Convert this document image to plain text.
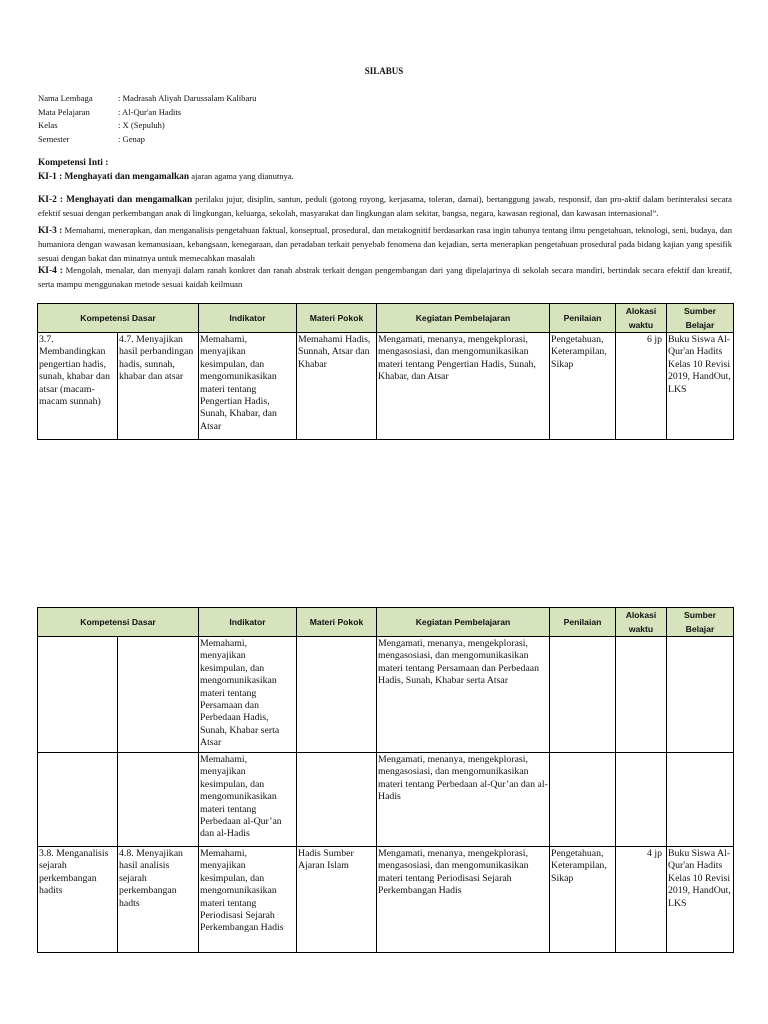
SILABUS
Nama Lembaga	: Madrasah Aliyah Darussalam Kalibaru
Mata Pelajaran	: Al-Qur'an Hadits
Kelas	: X (Sepuluh)
Semester	: Genap
Kompetensi Inti :
KI-1 : Menghayati dan mengamalkan ajaran agama yang dianutnya.
KI-2 : Menghayati dan mengamalkan perilaku jujur, disiplin, santun, peduli (gotong royong, kerjasama, toleran, damai), bertanggung jawab, responsif, dan pro-aktif dalam berinteraksi secara efektif sesuai dengan perkembangan anak di lingkungan, keluarga, sekolah, masyarakat dan lingkungan alam sekitar, bangsa, negara, kawasan regional, dan kawasan internasional”.
KI-3 : Memahami, menerapkan, dan menganalisis pengetahuan faktual, konseptual, prosedural, dan metakognitif berdasarkan rasa ingin tahunya tentang ilmu pengetahuan, teknologi, seni, budaya, dan humaniora dengan wawasan kemanusiaan, kebangsaan, kenegaraan, dan peradaban terkait penyebab fenomena dan kejadian, serta menerapkan pengetahuan prosedural pada bidang kajian yang spesifik sesuai dengan bakat dan minatnya untuk memecahkan masalah
KI-4 : Mengolah, menalar, dan menyaji dalam ranah konkret dan ranah abstrak terkait dengan pengembangan dari yang dipelajarinya di sekolah secara mandiri, bertindak secara efektif dan kreatif, serta mampu menggunakan metode sesuai kaidah keilmuan
Kompetensi Dasar		Indikator	Materi Pokok	Kegiatan Pembelajaran	Penilaian	Alokasi waktu	Sumber Belajar
3.7. Membandingkan pengertian hadis, sunah, khabar dan atsar (macam-macam sunnah)	4.7. Menyajikan hasil perbandingan hadis, sunnah, khabar dan atsar	Memahami, menyajikan kesimpulan, dan mengomunikasikan materi tentang Pengertian Hadis, Sunah, Khabar, dan Atsar	Memahami Hadis, Sunnah, Atsar dan Khabar	Mengamati, menanya, mengekplorasi, mengasosiasi, dan mengomunikasikan materi tentang Pengertian Hadis, Sunah, Khabar, dan Atsar	Pengetahuan, Keterampilan, Sikap	6 jp	Buku Siswa Al-Qur'an Hadits Kelas 10 Revisi 2019, HandOut, LKS
Kompetensi Dasar		Indikator	Materi Pokok	Kegiatan Pembelajaran	Penilaian	Alokasi waktu	Sumber Belajar
		Memahami, menyajikan kesimpulan, dan mengomunikasikan materi tentang Persamaan dan Perbedaan Hadis, Sunah, Khabar serta Atsar		Mengamati, menanya, mengekplorasi, mengasosiasi, dan mengomunikasikan materi tentang Persamaan dan Perbedaan Hadis, Sunah, Khabar serta Atsar			
		Memahami, menyajikan kesimpulan, dan mengomunikasikan materi tentang Perbedaan al-Qur’an dan al-Hadis		Mengamati, menanya, mengekplorasi, mengasosiasi, dan mengomunikasikan materi tentang Perbedaan al-Qur’an dan al-Hadis			
3.8. Menganalisis sejarah perkembangan hadits	4.8. Menyajikan hasil analisis sejarah perkembangan hadts	Memahami, menyajikan kesimpulan, dan mengomunikasikan materi tentang Periodisasi Sejarah Perkembangan Hadis	Hadis Sumber Ajaran Islam	Mengamati, menanya, mengekplorasi, mengasosiasi, dan mengomunikasikan materi tentang Periodisasi Sejarah Perkembangan Hadis	Pengetahuan, Keterampilan, Sikap	4 jp	Buku Siswa Al-Qur'an Hadits Kelas 10 Revisi 2019, HandOut, LKS
